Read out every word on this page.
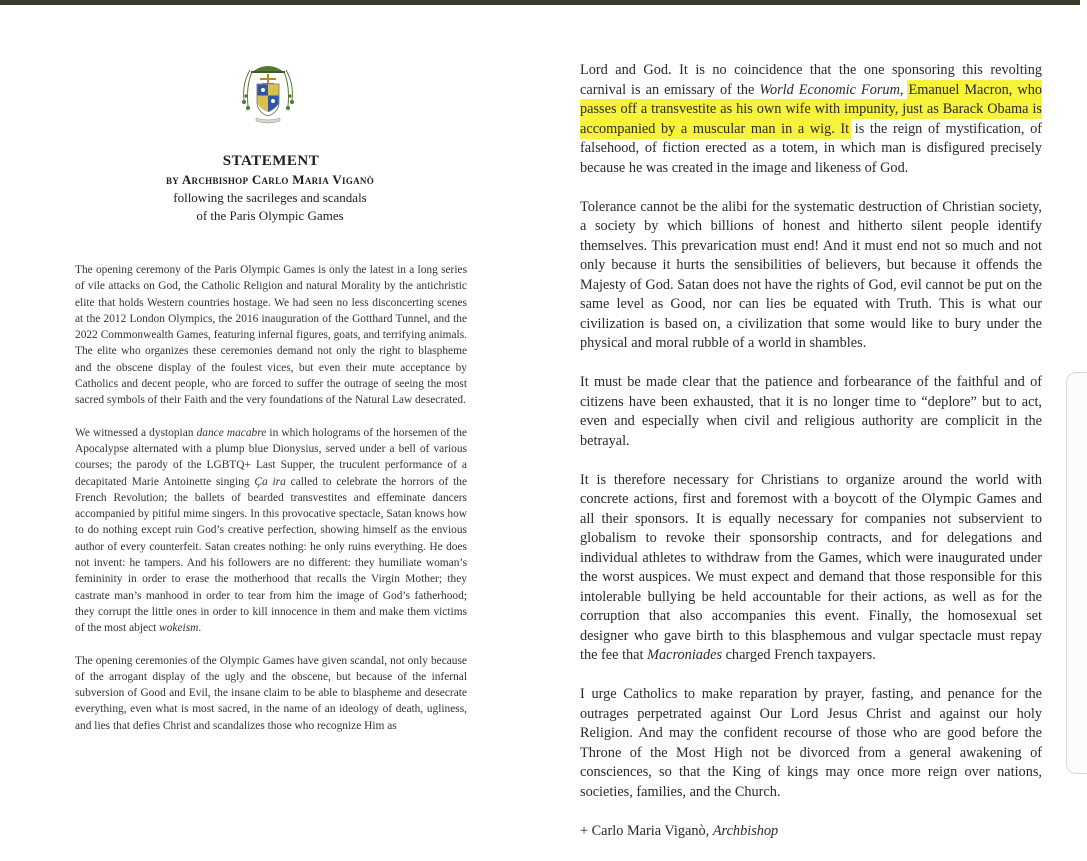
STATEMENT
by Archbishop Carlo Maria Viganò
following the sacrileges and scandals
of the Paris Olympic Games

The opening ceremony of the Paris Olympic Games is only the latest in a long series of vile attacks on God, the Catholic Religion and natural Morality by the antichristic elite that holds Western countries hostage. We had seen no less disconcerting scenes at the 2012 London Olympics, the 2016 inauguration of the Gotthard Tunnel, and the 2022 Commonwealth Games, featuring infernal figures, goats, and terrifying animals. The elite who organizes these ceremonies demand not only the right to blaspheme and the obscene display of the foulest vices, but even their mute acceptance by Catholics and decent people, who are forced to suffer the outrage of seeing the most sacred symbols of their Faith and the very foundations of the Natural Law desecrated.

We witnessed a dystopian dance macabre in which holograms of the horsemen of the Apocalypse alternated with a plump blue Dionysius, served under a bell of various courses; the parody of the LGBTQ+ Last Supper, the truculent performance of a decapitated Marie Antoinette singing Ça ira called to celebrate the horrors of the French Revolution; the ballets of bearded transvestites and effeminate dancers accompanied by pitiful mime singers. In this provocative spectacle, Satan knows how to do nothing except ruin God’s creative perfection, showing himself as the envious author of every counterfeit. Satan creates nothing: he only ruins everything. He does not invent: he tampers. And his followers are no different: they humiliate woman’s femininity in order to erase the motherhood that recalls the Virgin Mother; they castrate man’s manhood in order to tear from him the image of God’s fatherhood; they corrupt the little ones in order to kill innocence in them and make them victims of the most abject wokeism.

The opening ceremonies of the Olympic Games have given scandal, not only because of the arrogant display of the ugly and the obscene, but because of the infernal subversion of Good and Evil, the insane claim to be able to blaspheme and desecrate everything, even what is most sacred, in the name of an ideology of death, ugliness, and lies that defies Christ and scandalizes those who recognize Him as

Lord and God. It is no coincidence that the one sponsoring this revolting carnival is an emissary of the World Economic Forum, Emanuel Macron, who passes off a transvestite as his own wife with impunity, just as Barack Obama is accompanied by a muscular man in a wig. It is the reign of mystification, of falsehood, of fiction erected as a totem, in which man is disfigured precisely because he was created in the image and likeness of God.

Tolerance cannot be the alibi for the systematic destruction of Christian society, a society by which billions of honest and hitherto silent people identify themselves. This prevarication must end! And it must end not so much and not only because it hurts the sensibilities of believers, but because it offends the Majesty of God. Satan does not have the rights of God, evil cannot be put on the same level as Good, nor can lies be equated with Truth. This is what our civilization is based on, a civilization that some would like to bury under the physical and moral rubble of a world in shambles.

It must be made clear that the patience and forbearance of the faithful and of citizens have been exhausted, that it is no longer time to “deplore” but to act, even and especially when civil and religious authority are complicit in the betrayal.

It is therefore necessary for Christians to organize around the world with concrete actions, first and foremost with a boycott of the Olympic Games and all their sponsors. It is equally necessary for companies not subservient to globalism to revoke their sponsorship contracts, and for delegations and individual athletes to withdraw from the Games, which were inaugurated under the worst auspices. We must expect and demand that those responsible for this intolerable bullying be held accountable for their actions, as well as for the corruption that also accompanies this event. Finally, the homosexual set designer who gave birth to this blasphemous and vulgar spectacle must repay the fee that Macroniades charged French taxpayers.

I urge Catholics to make reparation by prayer, fasting, and penance for the outrages perpetrated against Our Lord Jesus Christ and against our holy Religion. And may the confident recourse of those who are good before the Throne of the Most High not be divorced from a general awakening of consciences, so that the King of kings may once more reign over nations, societies, families, and the Church.

+ Carlo Maria Viganò, Archbishop
